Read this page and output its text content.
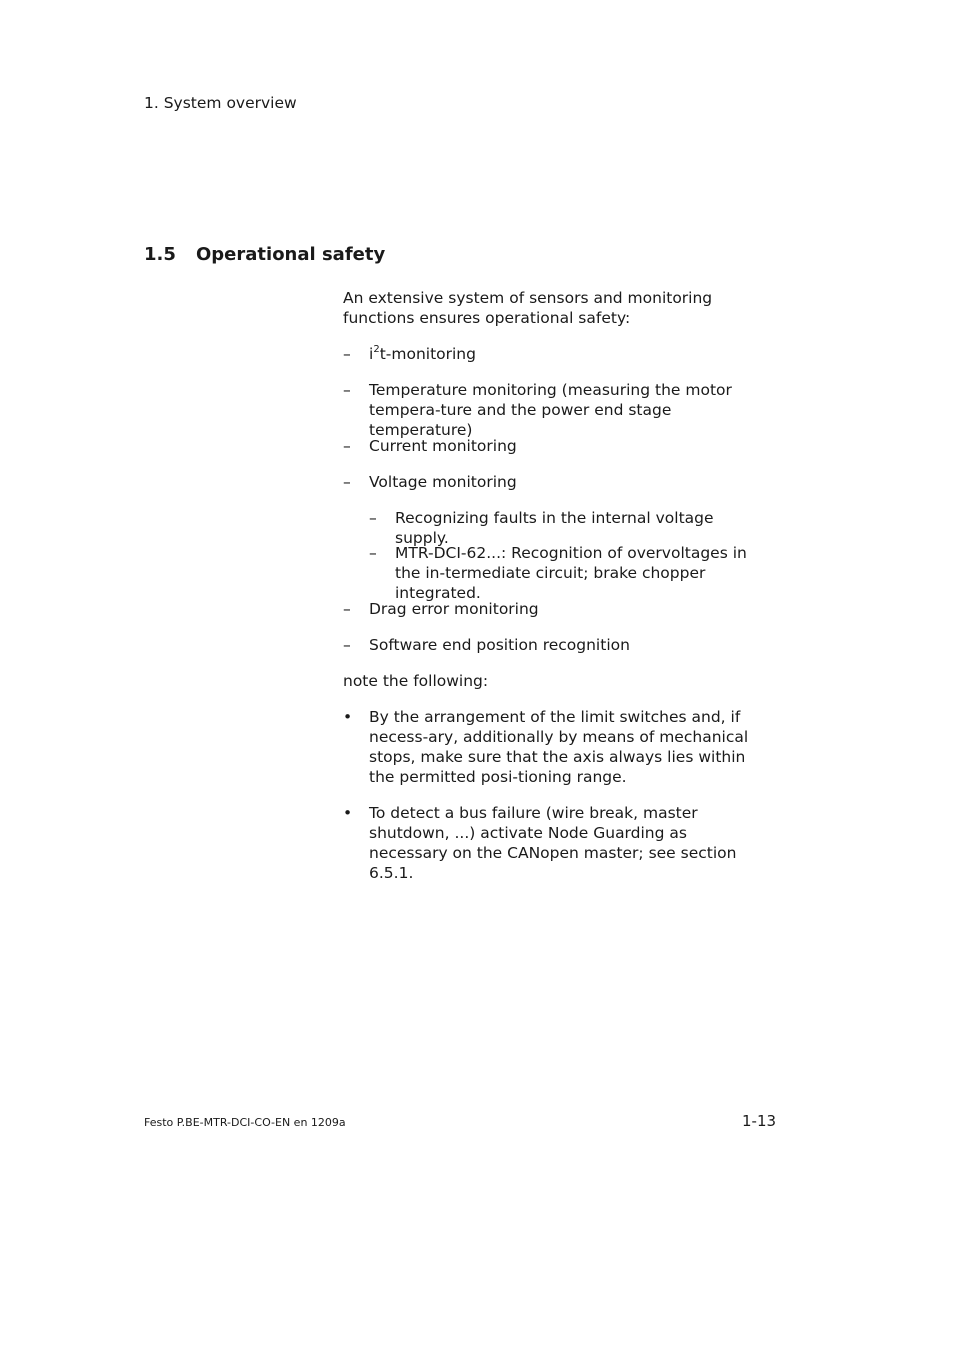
1. System overview
1.5 Operational safety
An extensive system of sensors and monitoring functions ensures operational safety:
– $i^2t$-monitoring
– Temperature monitoring (measuring the motor tempera-ture and the power end stage temperature)
– Current monitoring
– Voltage monitoring
– Recognizing faults in the internal voltage supply.
– MTR-DCI-62...: Recognition of overvoltages in the in-termediate circuit; brake chopper integrated.
– Drag error monitoring
– Software end position recognition
note the following:
• By the arrangement of the limit switches and, if necess-ary, additionally by means of mechanical stops, make sure that the axis always lies within the permitted posi-tioning range.
• To detect a bus failure (wire break, master shutdown, ...) activate Node Guarding as necessary on the CANopen master; see section 6.5.1.
Festo P.BE-MTR-DCI-CO-EN en 1209a	1-13
